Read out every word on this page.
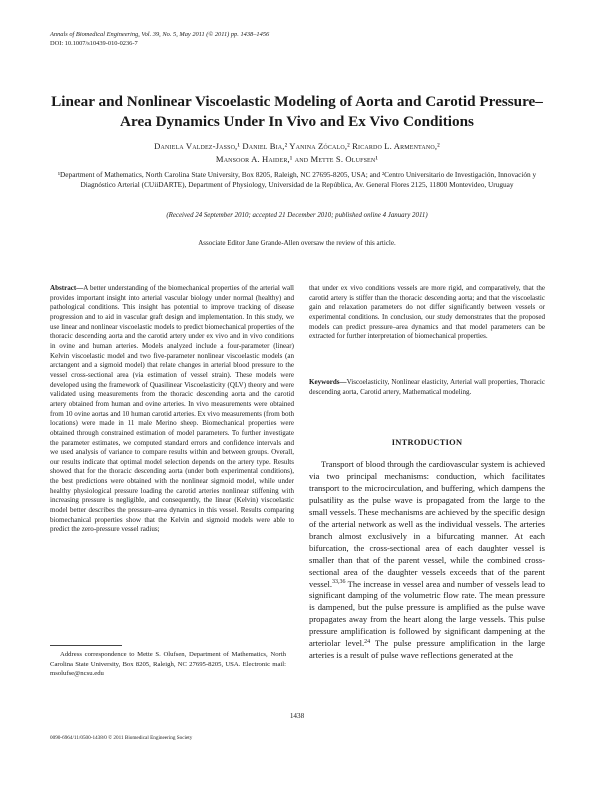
Annals of Biomedical Engineering, Vol. 39, No. 5, May 2011 (© 2011) pp. 1438–1456
DOI: 10.1007/s10439-010-0236-7
Linear and Nonlinear Viscoelastic Modeling of Aorta and Carotid Pressure–Area Dynamics Under In Vivo and Ex Vivo Conditions
Daniela Valdez-Jasso,¹ Daniel Bia,² Yanina Zócalo,² Ricardo L. Armentano,²
Mansoor A. Haider,¹ and Mette S. Olufsen¹
¹Department of Mathematics, North Carolina State University, Box 8205, Raleigh, NC 27695-8205, USA; and ²Centro Universitario de Investigación, Innovación y Diagnóstico Arterial (CUiiDARTE), Department of Physiology, Universidad de la República, Av. General Flores 2125, 11800 Montevideo, Uruguay
(Received 24 September 2010; accepted 21 December 2010; published online 4 January 2011)
Associate Editor Jane Grande-Allen oversaw the review of this article.
Abstract—A better understanding of the biomechanical properties of the arterial wall provides important insight into arterial vascular biology under normal (healthy) and pathological conditions. This insight has potential to improve tracking of disease progression and to aid in vascular graft design and implementation. In this study, we use linear and nonlinear viscoelastic models to predict biomechanical properties of the thoracic descending aorta and the carotid artery under ex vivo and in vivo conditions in ovine and human arteries. Models analyzed include a four-parameter (linear) Kelvin viscoelastic model and two five-parameter nonlinear viscoelastic models (an arctangent and a sigmoid model) that relate changes in arterial blood pressure to the vessel cross-sectional area (via estimation of vessel strain). These models were developed using the framework of Quasilinear Viscoelasticity (QLV) theory and were validated using measurements from the thoracic descending aorta and the carotid artery obtained from human and ovine arteries. In vivo measurements were obtained from 10 ovine aortas and 10 human carotid arteries. Ex vivo measurements (from both locations) were made in 11 male Merino sheep. Biomechanical properties were obtained through constrained estimation of model parameters. To further investigate the parameter estimates, we computed standard errors and confidence intervals and we used analysis of variance to compare results within and between groups. Overall, our results indicate that optimal model selection depends on the artery type. Results showed that for the thoracic descending aorta (under both experimental conditions), the best predictions were obtained with the nonlinear sigmoid model, while under healthy physiological pressure loading the carotid arteries nonlinear stiffening with increasing pressure is negligible, and consequently, the linear (Kelvin) viscoelastic model better describes the pressure–area dynamics in this vessel. Results comparing biomechanical properties show that the Kelvin and sigmoid models were able to predict the zero-pressure vessel radius;
that under ex vivo conditions vessels are more rigid, and comparatively, that the carotid artery is stiffer than the thoracic descending aorta; and that the viscoelastic gain and relaxation parameters do not differ significantly between vessels or experimental conditions. In conclusion, our study demonstrates that the proposed models can predict pressure–area dynamics and that model parameters can be extracted for further interpretation of biomechanical properties.
Keywords—Viscoelasticity, Nonlinear elasticity, Arterial wall properties, Thoracic descending aorta, Carotid artery, Mathematical modeling.
INTRODUCTION

Transport of blood through the cardiovascular system is achieved via two principal mechanisms: conduction, which facilitates transport to the microcirculation, and buffering, which dampens the pulsatility as the pulse wave is propagated from the large to the small vessels. These mechanisms are achieved by the specific design of the arterial network as well as the individual vessels. The arteries branch almost exclusively in a bifurcating manner. At each bifurcation, the cross-sectional area of each daughter vessel is smaller than that of the parent vessel, while the combined cross-sectional area of the daughter vessels exceeds that of the parent vessel.$^{33,36}$ The increase in vessel area and number of vessels lead to significant damping of the volumetric flow rate. The mean pressure is dampened, but the pulse pressure is amplified as the pulse wave propagates away from the heart along the large vessels. This pulse pressure amplification is followed by significant dampening at the arteriolar level.$^{24}$ The pulse pressure amplification in the large arteries is a result of pulse wave reflections generated at the

Address correspondence to Mette S. Olufsen, Department of Mathematics, North Carolina State University, Box 8205, Raleigh, NC 27695-8205, USA. Electronic mail: msolufse@ncsu.edu
1438
0090-6964/11/0500-1438/0 © 2011 Biomedical Engineering Society
